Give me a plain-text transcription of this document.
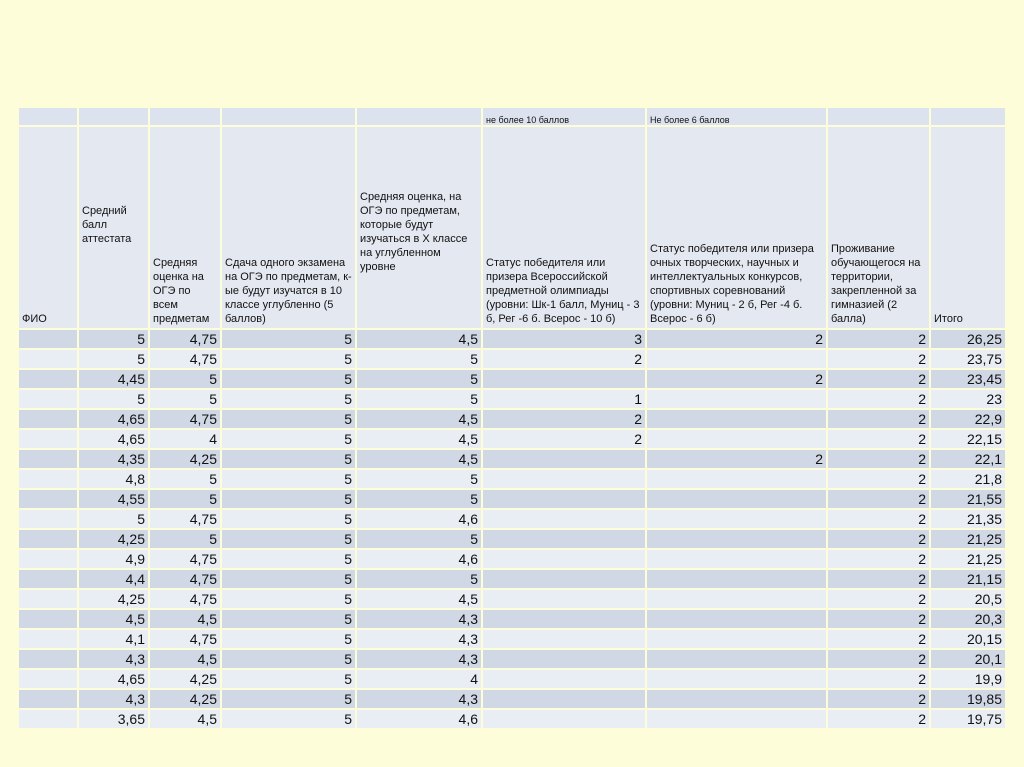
					не более 10 баллов	Не более 6 баллов		

ФИО	Средний балл аттестата	Средняя оценка на ОГЭ по всем предметам	Сдача одного экзамена на ОГЭ по предметам, к-ые будут изучатся в 10 классе углубленно (5 баллов)	Средняя оценка, на ОГЭ по предметам, которые будут изучаться в Х классе на углубленном уровне	Статус победителя или призера Всероссийской предметной олимпиады (уровни: Шк-1 балл, Муниц - 3 б, Рег -6 б. Всерос - 10 б)	Статус победителя или призера очных творческих, научных и интеллектуальных конкурсов, спортивных соревнований (уровни: Муниц - 2 б, Рег -4 б. Всерос - 6 б)	Проживание обучающегося на территории, закрепленной за гимназией (2 балла)	Итого

	5	4,75	5	4,5	3	2	2	26,25
	5	4,75	5	5	2		2	23,75
	4,45	5	5	5		2	2	23,45
	5	5	5	5	1		2	23
	4,65	4,75	5	4,5	2		2	22,9
	4,65	4	5	4,5	2		2	22,15
	4,35	4,25	5	4,5		2	2	22,1
	4,8	5	5	5			2	21,8
	4,55	5	5	5			2	21,55
	5	4,75	5	4,6			2	21,35
	4,25	5	5	5			2	21,25
	4,9	4,75	5	4,6			2	21,25
	4,4	4,75	5	5			2	21,15
	4,25	4,75	5	4,5			2	20,5
	4,5	4,5	5	4,3			2	20,3
	4,1	4,75	5	4,3			2	20,15
	4,3	4,5	5	4,3			2	20,1
	4,65	4,25	5	4			2	19,9
	4,3	4,25	5	4,3			2	19,85
	3,65	4,5	5	4,6			2	19,75
